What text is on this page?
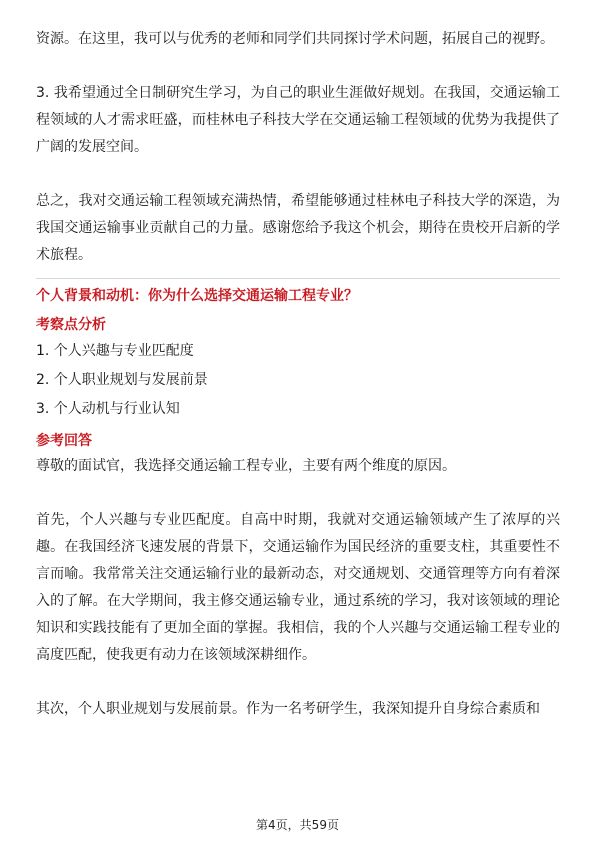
资源。在这里，我可以与优秀的老师和同学们共同探讨学术问题，拓展自己的视野。

3. 我希望通过全日制研究生学习，为自己的职业生涯做好规划。在我国，交通运输工程领域的人才需求旺盛，而桂林电子科技大学在交通运输工程领域的优势为我提供了广阔的发展空间。

总之，我对交通运输工程领域充满热情，希望能够通过桂林电子科技大学的深造，为我国交通运输事业贡献自己的力量。感谢您给予我这个机会，期待在贵校开启新的学术旅程。

个人背景和动机：你为什么选择交通运输工程专业？
考察点分析
1. 个人兴趣与专业匹配度
2. 个人职业规划与发展前景
3. 个人动机与行业认知
参考回答

尊敬的面试官，我选择交通运输工程专业，主要有两个维度的原因。

首先，个人兴趣与专业匹配度。自高中时期，我就对交通运输领域产生了浓厚的兴趣。在我国经济飞速发展的背景下，交通运输作为国民经济的重要支柱，其重要性不言而喻。我常常关注交通运输行业的最新动态，对交通规划、交通管理等方向有着深入的了解。在大学期间，我主修交通运输专业，通过系统的学习，我对该领域的理论知识和实践技能有了更加全面的掌握。我相信，我的个人兴趣与交通运输工程专业的高度匹配，使我更有动力在该领域深耕细作。

其次，个人职业规划与发展前景。作为一名考研学生，我深知提升自身综合素质和

第4页，共59页
